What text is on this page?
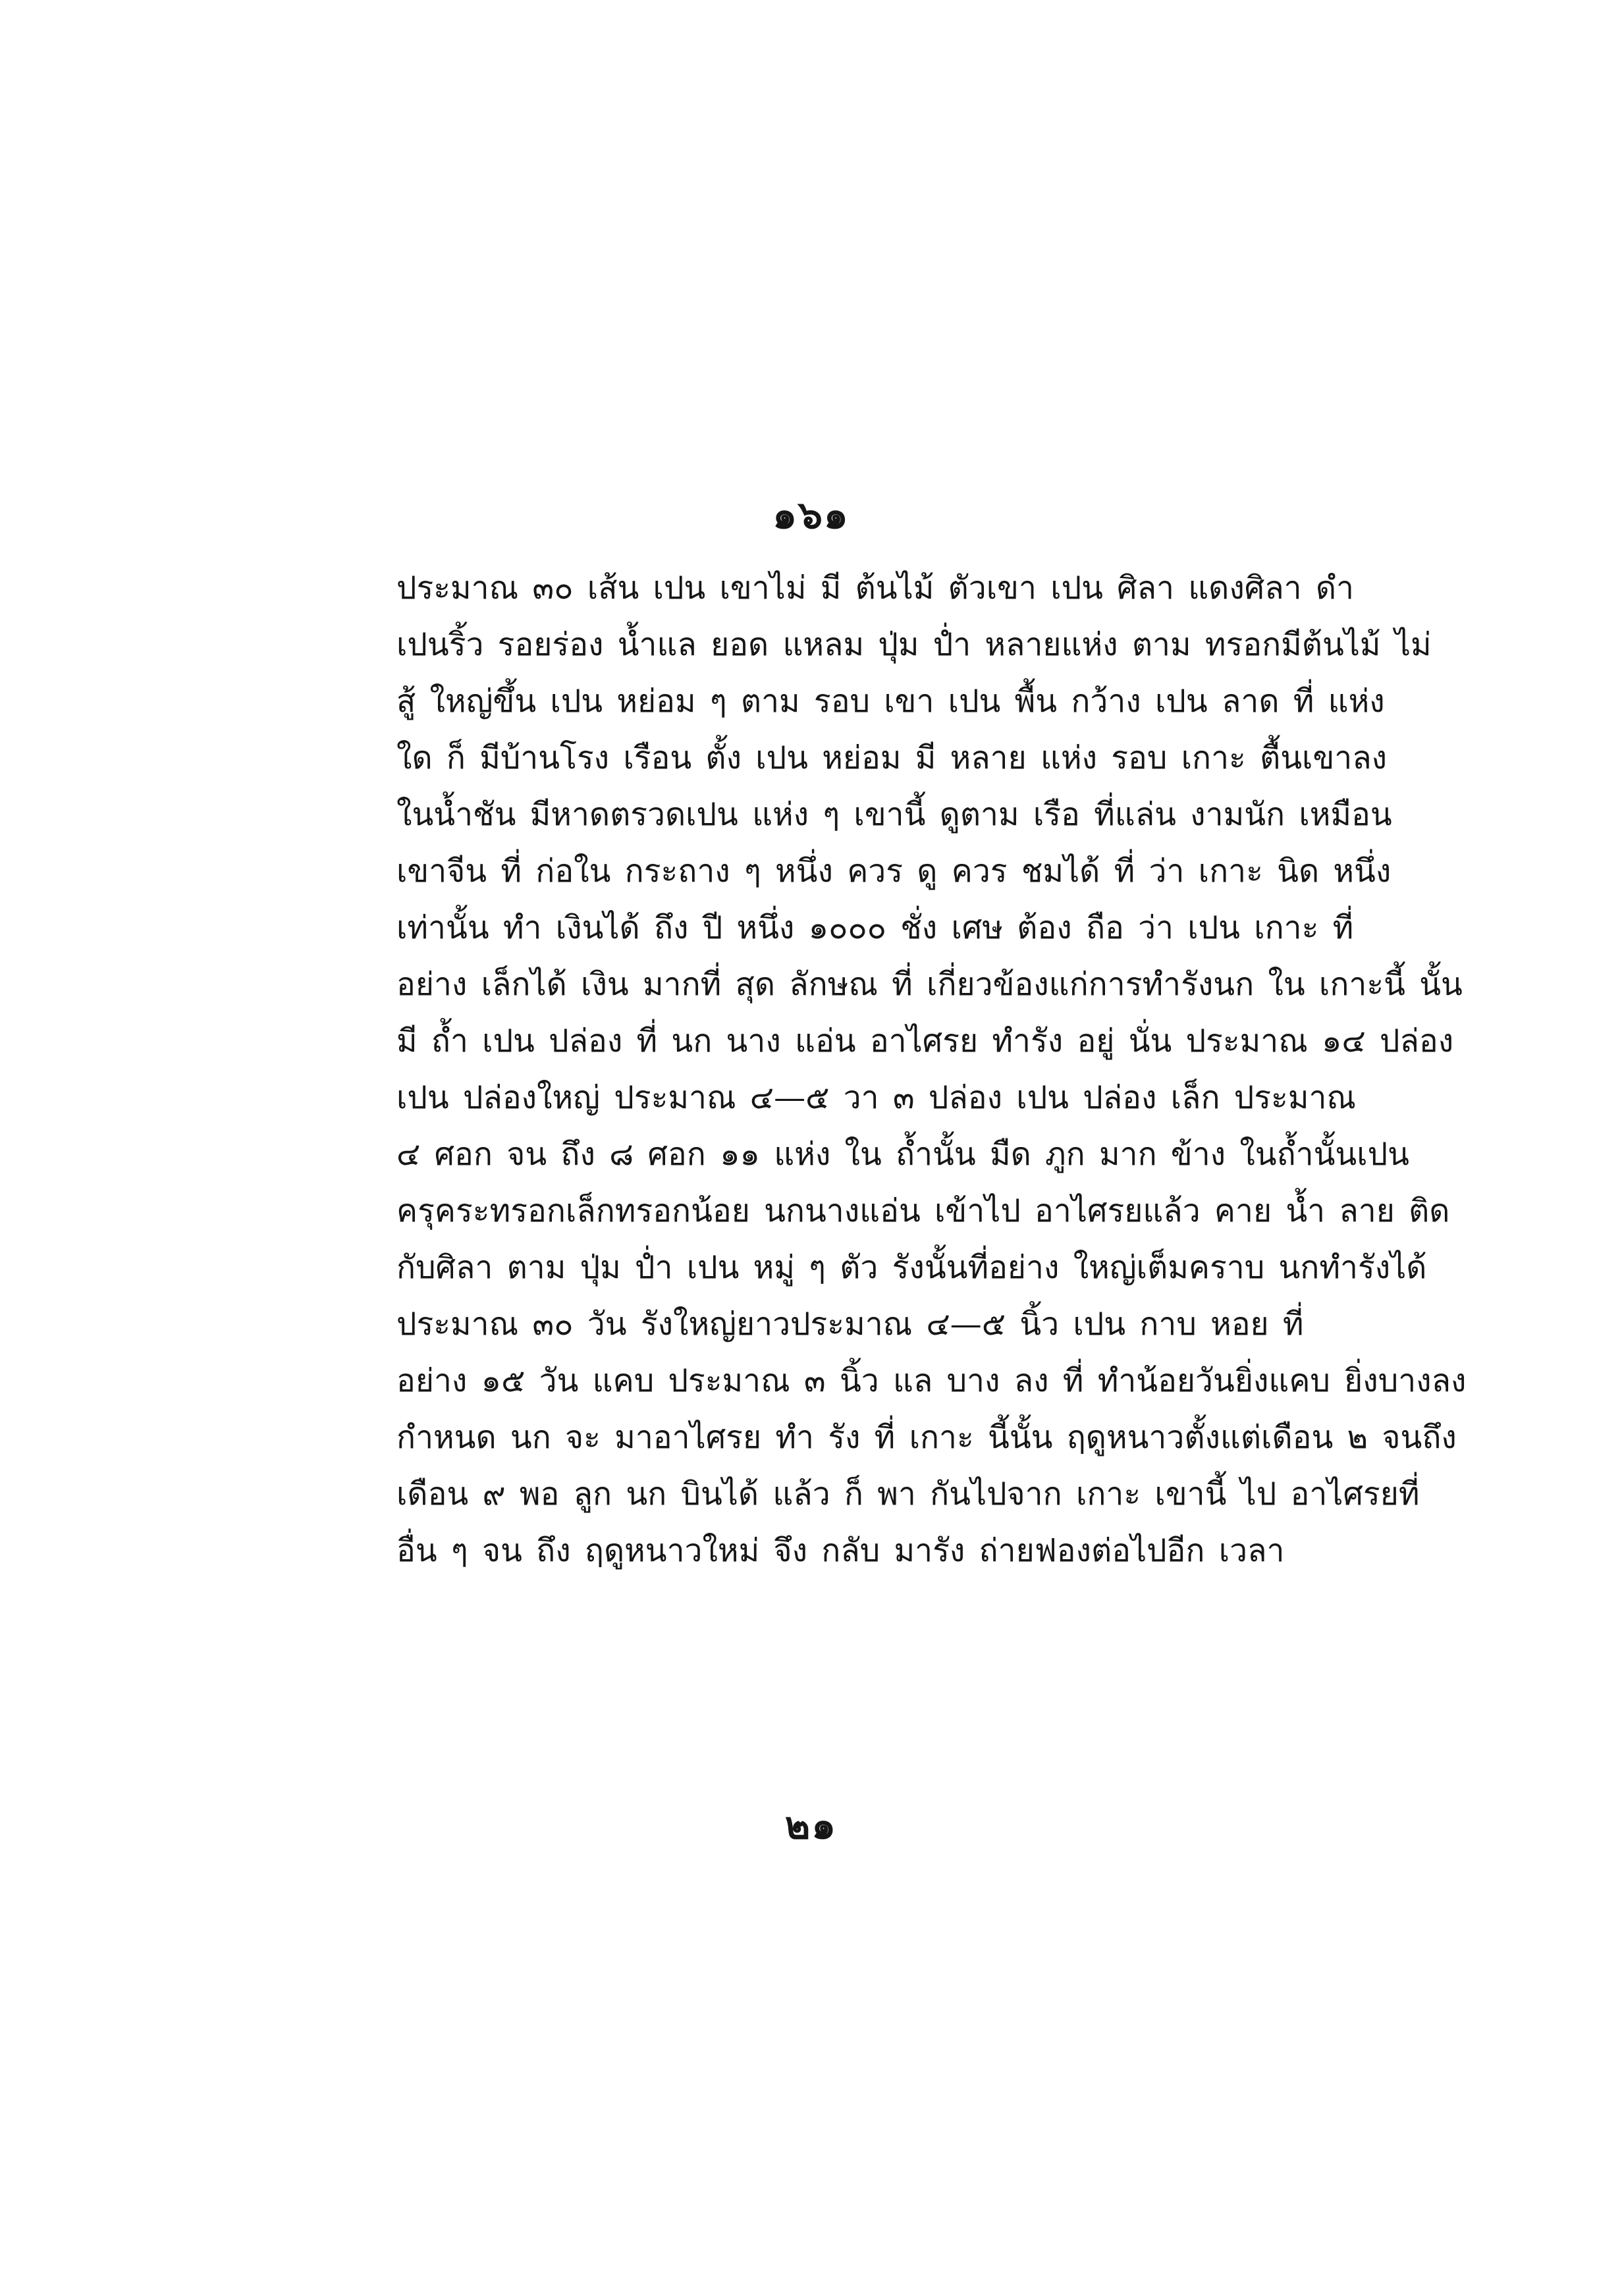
๑๖๑
ประมาณ ๓๐ เส้น เปน เขาไม่ มี ต้นไม้ ตัวเขา เปน ศิลา แดงศิลา ดำ
เปนริ้ว รอยร่อง น้ำแล ยอด แหลม ปุ่ม ป่ำ หลายแห่ง ตาม ทรอกมีต้นไม้ ไม่
สู้ ใหญ่ขึ้น เปน หย่อม ๆ ตาม รอบ เขา เปน พื้น กว้าง เปน ลาด ที่ แห่ง
ใด ก็ มีบ้านโรง เรือน ตั้ง เปน หย่อม มี หลาย แห่ง รอบ เกาะ ตื้นเขาลง
ในน้ำชัน มีหาดตรวดเปน แห่ง ๆ เขานี้ ดูตาม เรือ ที่แล่น งามนัก เหมือน
เขาจีน ที่ ก่อใน กระถาง ๆ หนึ่ง ควร ดู ควร ชมได้ ที่ ว่า เกาะ นิด หนึ่ง
เท่านั้น ทำ เงินได้ ถึง ปี หนึ่ง ๑๐๐๐ ชั่ง เศษ ต้อง ถือ ว่า เปน เกาะ ที่
อย่าง เล็กได้ เงิน มากที่ สุด ลักษณ ที่ เกี่ยวข้องแก่การทำรังนก ใน เกาะนี้ นั้น
มี ถ้ำ เปน ปล่อง ที่ นก นาง แอ่น อาไศรย ทำรัง อยู่ นั่น ประมาณ ๑๔ ปล่อง
เปน ปล่องใหญ่ ประมาณ ๔—๕ วา ๓ ปล่อง เปน ปล่อง เล็ก ประมาณ
๔ ศอก จน ถึง ๘ ศอก ๑๑ แห่ง ใน ถ้ำนั้น มืด ภูก มาก ข้าง ในถ้ำนั้นเปน
ครุคระทรอกเล็กทรอกน้อย นกนางแอ่น เข้าไป อาไศรยแล้ว คาย น้ำ ลาย ติด
กับศิลา ตาม ปุ่ม ป่ำ เปน หมู่ ๆ ตัว รังนั้นที่อย่าง ใหญ่เต็มคราบ นกทำรังได้
ประมาณ ๓๐ วัน รังใหญ่ยาวประมาณ ๔—๕ นิ้ว เปน กาบ หอย ที่
อย่าง ๑๕ วัน แคบ ประมาณ ๓ นิ้ว แล บาง ลง ที่ ทำน้อยวันยิ่งแคบ ยิ่งบางลง
กำหนด นก จะ มาอาไศรย ทำ รัง ที่ เกาะ นี้นั้น ฤดูหนาวตั้งแต่เดือน ๒ จนถึง
เดือน ๙ พอ ลูก นก บินได้ แล้ว ก็ พา กันไปจาก เกาะ เขานี้ ไป อาไศรยที่
อื่น ๆ จน ถึง ฤดูหนาวใหม่ จึง กลับ มารัง ถ่ายฟองต่อไปอีก เวลา
๒๑
